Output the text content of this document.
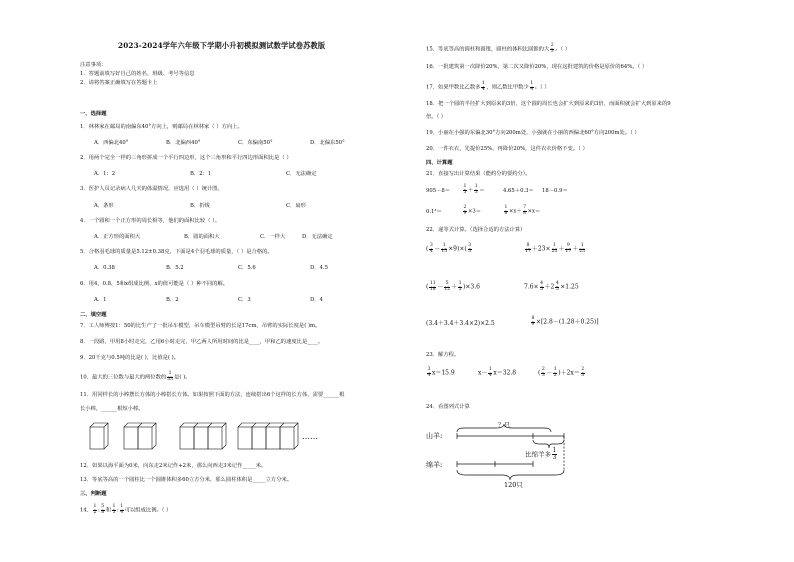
2023-2024学年六年级下学期小升初模拟测试数学试卷苏教版
注意事项:
1．答题前填写好自己的姓名、班级、考号等信息
2．请将答案正确填写在答题卡上
一、选择题
1．林林家在邮局的南偏东40°方向上，则邮局在林林家（ ）方向上。
A．西偏北40°	B．北偏西40°	C．东偏南50°	D．北偏东50°
2．用两个完全一样的三角形拼成一个平行四边形，这个三角形和平行四边形面积比是（ ）
A．1：2	B．2：1	C．无法确定
3．医护人员记录病人几天的体温情况，应选用（ ）统计图。
A．条形	B．折线	C．扇形
4．一个圆和一个正方形的周长相等，他们的面积比较（ ）。
A．正方形的面积大	B．圆的面积大	C．一样大	D．无法确定
5．合格羽毛球的质量是5.12±0.38克，下面是4个羽毛球的质量，（ ）是合格的。
A．0.38	B．5.2	C．5.6	D．4.5
6．用4，0.8，5和x组成比例，x的值可能是（ ）种不同的解。
A．1	B．2	C．3	D．4
二、填空题
7．工人师傅按1：50的比生产了一批吊车模型，吊车模型吊臂的长是17cm，吊臂的实际长度是( )m。
8．一段路，甲用8小时走完，乙用6小时走完，甲乙两人所用时间的比是____，甲和乙的速度比是____。
9．20千克与0.5吨的比是( )，比值是( )。
10．最大的三位数与最大的两位数的 $\frac{1}{33}$ 是( )。
11．用同样长的小棒摆长方体的小棒搭长方体。如果按照下面的方法，连续搭出6个这样的长方体，需要______根
长小棒，______根短小棒。
……
12．如果以海平面为0米，向东走2米记作+2米，那么向西走3米记作_____米。
13．等底等高的一个圆柱比一个圆锥体积多60立方分米，那么圆柱体积是_____立方分米。
三、判断题
14． $\frac{1}{2}$ : $\frac{5}{8}$ 和 $\frac{1}{5}$ : $\frac{1}{4}$ 可以组成比例。（ ）
15．等底等高的圆柱和圆锥，圆柱的体积比圆锥的大 $\frac{2}{3}$ 。（ ）
16．一批建筑第一次降价20%，第二次又降价20%，现在这批建筑的价格是原价的64%。（ ）
17．如果甲数比乙数多 $\frac{1}{4}$ ，则乙数比甲数少 $\frac{1}{4}$ 。（ ）
18．把一个圆的半径扩大到原来的3倍，这个圆的周长也会扩大到原来的3倍，而面积就会扩大到原来的9
倍。（ ）
19．小丽在小强的东偏北30°方向200m处，小强就在小丽的西偏北60°方向200m处。（ ）
20．一件衣衣，先提价25%，再降价20%，这件衣衣价格不变。（ ）
四、计算题
21．直接写出计算结果（能约分的要约分）。
905－8＝	$\frac{1}{5} + \frac{1}{3}$ ＝	4.65＋0.3＝ 18－0.9＝
0.1³＝	$\frac{2}{9} \times 3=$	$\frac{1}{8} \times x+ \frac{7}{8} \times x=$
22．递等式计算。（选择合适的方法计算）
( $\frac{3}{4} - \frac{1}{15} \times 9)\times( \frac{3}{5}$	$\frac{8}{17} +23\times \frac{1}{23} + \frac{9}{17} + \frac{1}{23}$
( $\frac{11}{18} - \frac{5}{12} + \frac{1}{3} )\times 3.6$	$7.6\times \frac{4}{5} +2 \frac{4}{5} \times 1.25$
(3.4＋3.4＋3.4×2)×2.5	$\frac{8}{9} \times[2.8-(1.28+0.25)]$
23．解方程。
$\frac{3}{4} x=15.9$	$x- \frac{1}{4} x=32.8$	( $\frac{2}{3} - \frac{1}{2} )+2x= \frac{2}{3}$
24．看图列式计算
山羊:
绵羊:
？只
比绵羊多 $\frac{1}{3}$
120只
